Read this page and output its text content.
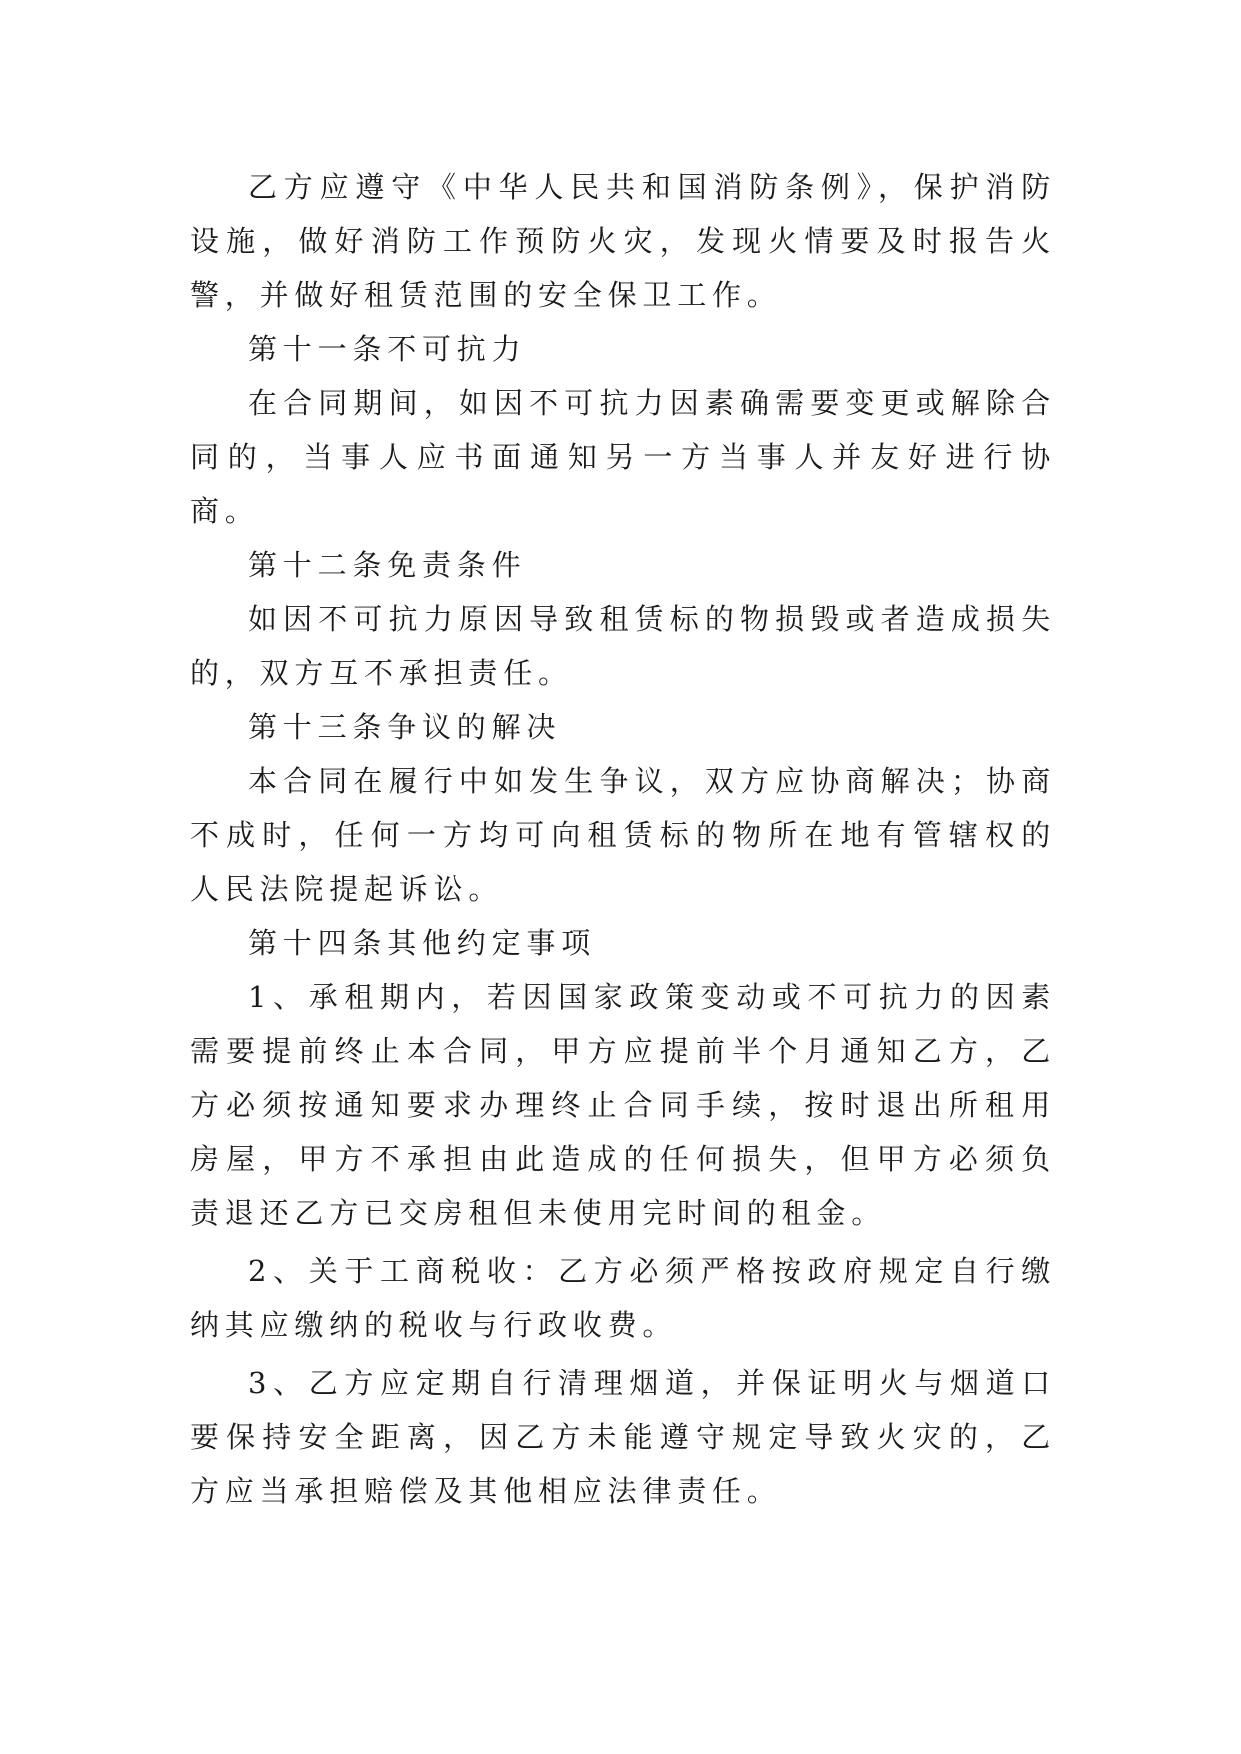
乙方应遵守《中华人民共和国消防条例》，保护消防设施，做好消防工作预防火灾，发现火情要及时报告火警，并做好租赁范围的安全保卫工作。

第十一条不可抗力

在合同期间，如因不可抗力因素确需要变更或解除合同的，当事人应书面通知另一方当事人并友好进行协商。

第十二条免责条件

如因不可抗力原因导致租赁标的物损毁或者造成损失的，双方互不承担责任。

第十三条争议的解决

本合同在履行中如发生争议，双方应协商解决；协商不成时，任何一方均可向租赁标的物所在地有管辖权的人民法院提起诉讼。

第十四条其他约定事项

1、承租期内，若因国家政策变动或不可抗力的因素需要提前终止本合同，甲方应提前半个月通知乙方，乙方必须按通知要求办理终止合同手续，按时退出所租用房屋，甲方不承担由此造成的任何损失，但甲方必须负责退还乙方已交房租但未使用完时间的租金。

2、关于工商税收：乙方必须严格按政府规定自行缴纳其应缴纳的税收与行政收费。

3、乙方应定期自行清理烟道，并保证明火与烟道口要保持安全距离，因乙方未能遵守规定导致火灾的，乙方应当承担赔偿及其他相应法律责任。
